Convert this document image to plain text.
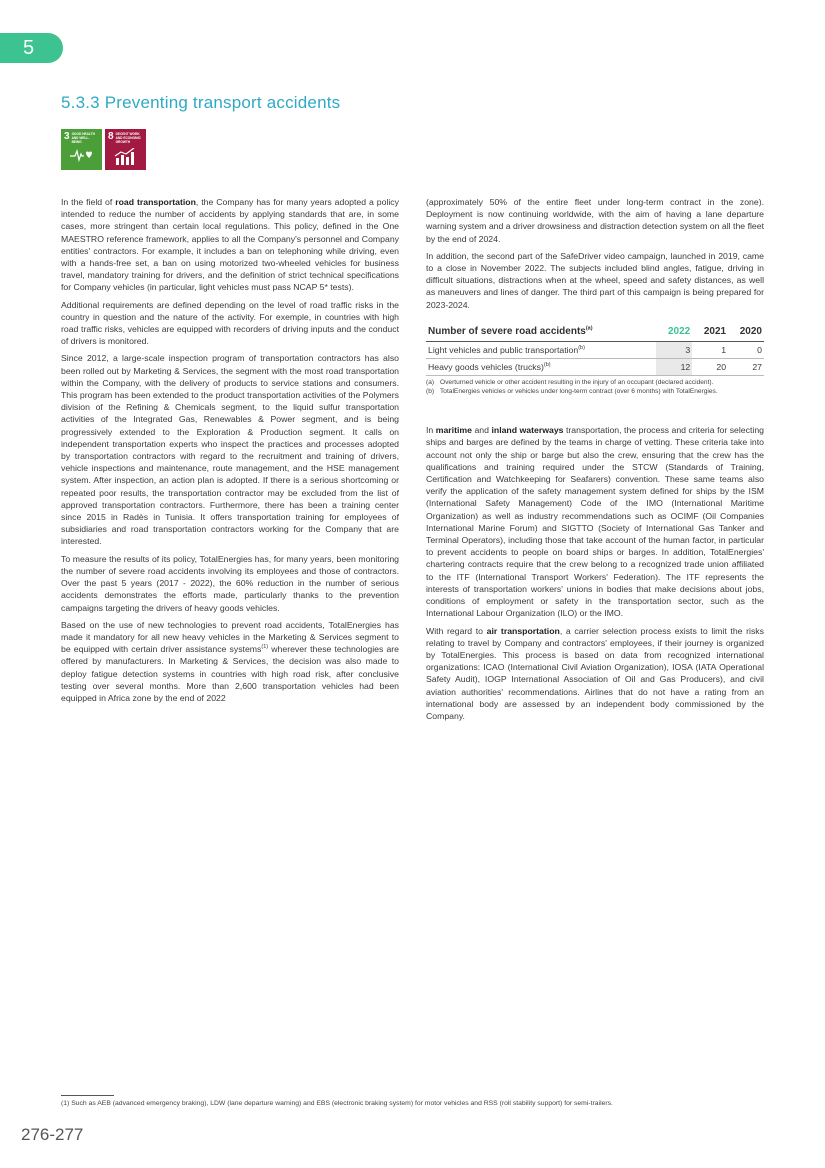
5
5.3.3 Preventing transport accidents
3 GOOD HEALTH AND WELL-BEING	8 DECENT WORK AND ECONOMIC GROWTH

In the field of road transportation, the Company has for many years adopted a policy intended to reduce the number of accidents by applying standards that are, in some cases, more stringent than certain local regulations. This policy, defined in the One MAESTRO reference framework, applies to all the Company's personnel and Company entities' contractors. For example, it includes a ban on telephoning while driving, even with a hands-free set, a ban on using motorized two-wheeled vehicles for business travel, mandatory training for drivers, and the definition of strict technical specifications for Company vehicles (in particular, light vehicles must pass NCAP 5* tests).

Additional requirements are defined depending on the level of road traffic risks in the country in question and the nature of the activity. For exemple, in countries with high road traffic risks, vehicles are equipped with recorders of driving inputs and the conduct of drivers is monitored.

Since 2012, a large-scale inspection program of transportation contractors has also been rolled out by Marketing & Services, the segment with the most road transportation within the Company, with the delivery of products to service stations and consumers. This program has been extended to the product transportation activities of the Polymers division of the Refining & Chemicals segment, to the liquid sulfur transportation activities of the Integrated Gas, Renewables & Power segment, and is being progressively extended to the Exploration & Production segment. It calls on independent transportation experts who inspect the practices and processes adopted by transportation contractors with regard to the recruitment and training of drivers, vehicle inspections and maintenance, route management, and the HSE management system. After inspection, an action plan is adopted. If there is a serious shortcoming or repeated poor results, the transportation contractor may be excluded from the list of approved transportation contractors. Furthermore, there has been a training center since 2015 in Radès in Tunisia. It offers transportation training for employees of subsidiaries and road transportation contractors working for the Company that are interested.

To measure the results of its policy, TotalEnergies has, for many years, been monitoring the number of severe road accidents involving its employees and those of contractors. Over the past 5 years (2017 - 2022), the 60% reduction in the number of serious accidents demonstrates the efforts made, particularly thanks to the prevention campaigns targeting the drivers of heavy goods vehicles.

Based on the use of new technologies to prevent road accidents, TotalEnergies has made it mandatory for all new heavy vehicles in the Marketing & Services segment to be equipped with certain driver assistance systems$^{(1)}$ wherever these technologies are offered by manufacturers. In Marketing & Services, the decision was also made to deploy fatigue detection systems in countries with high road risk, after conclusive testing over several months. More than 2,600 transportation vehicles had been equipped in Africa zone by the end of 2022

(approximately 50% of the entire fleet under long-term contract in the zone). Deployment is now continuing worldwide, with the aim of having a lane departure warning system and a driver drowsiness and distraction detection system on all the fleet by the end of 2024.

In addition, the second part of the SafeDriver video campaign, launched in 2019, came to a close in November 2022. The subjects included blind angles, fatigue, driving in difficult situations, distractions when at the wheel, speed and safety distances, as well as maneuvers and lines of danger. The third part of this campaign is being prepared for 2023-2024.

Number of severe road accidents$^{(a)}$	2022	2021	2020
Light vehicles and public transportation$^{(b)}$	3	1	0
Heavy goods vehicles (trucks)$^{(b)}$	12	20	27
(a) Overturned vehicle or other accident resulting in the injury of an occupant (declared accident).
(b) TotalEnergies vehicles or vehicles under long-term contract (over 6 months) with TotalEnergies.

In maritime and inland waterways transportation, the process and criteria for selecting ships and barges are defined by the teams in charge of vetting. These criteria take into account not only the ship or barge but also the crew, ensuring that the crew has the qualifications and training required under the STCW (Standards of Training, Certification and Watchkeeping for Seafarers) convention. These same teams also verify the application of the safety management system defined for ships by the ISM (International Safety Management) Code of the IMO (International Maritime Organization) as well as industry recommendations such as OCIMF (Oil Companies International Marine Forum) and SIGTTO (Society of International Gas Tanker and Terminal Operators), including those that take account of the human factor, in particular to prevent accidents to people on board ships or barges. In addition, TotalEnergies' chartering contracts require that the crew belong to a recognized trade union affiliated to the ITF (International Transport Workers' Federation). The ITF represents the interests of transportation workers' unions in bodies that make decisions about jobs, conditions of employment or safety in the transportation sector, such as the International Labour Organization (ILO) or the IMO.

With regard to air transportation, a carrier selection process exists to limit the risks relating to travel by Company and contractors' employees, if their journey is organized by TotalEnergies. This process is based on data from recognized international organizations: ICAO (International Civil Aviation Organization), IOSA (IATA Operational Safety Audit), IOGP International Association of Oil and Gas Producers), and civil aviation authorities' recommendations. Airlines that do not have a rating from an international body are assessed by an independent body commissioned by the Company.

(1) Such as AEB (advanced emergency braking), LDW (lane departure warning) and EBS (electronic braking system) for motor vehicles and RSS (roll stability support) for semi-trailers.
276-277
